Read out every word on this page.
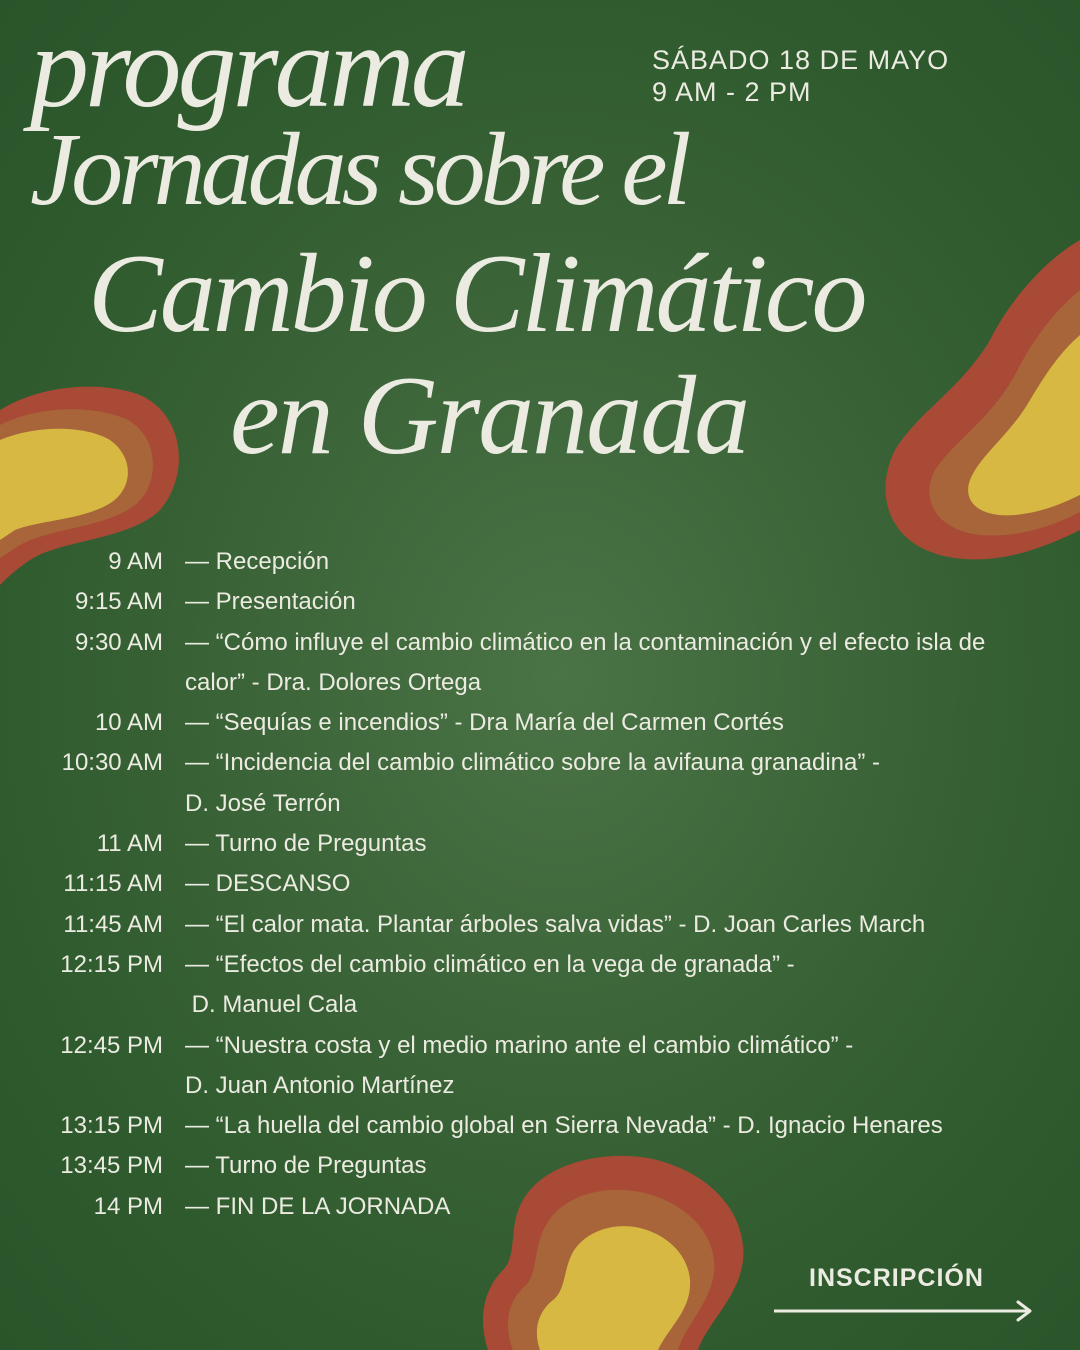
programa
Jornadas sobre el
Cambio Climático
en Granada
SÁBADO 18 DE MAYO
9 AM - 2 PM
9 AM — Recepción
9:15 AM — Presentación
9:30 AM — “Cómo influye el cambio climático en la contaminación y el efecto isla de calor” - Dra. Dolores Ortega
10 AM — “Sequías e incendios” - Dra María del Carmen Cortés
10:30 AM — “Incidencia del cambio climático sobre la avifauna granadina” -
D. José Terrón
11 AM — Turno de Preguntas
11:15 AM — DESCANSO
11:45 AM — “El calor mata. Plantar árboles salva vidas” - D. Joan Carles March
12:15 PM — “Efectos del cambio climático en la vega de granada” -
D. Manuel Cala
12:45 PM — “Nuestra costa y el medio marino ante el cambio climático” -
D. Juan Antonio Martínez
13:15 PM — “La huella del cambio global en Sierra Nevada” - D. Ignacio Henares
13:45 PM — Turno de Preguntas
14 PM — FIN DE LA JORNADA
INSCRIPCIÓN
